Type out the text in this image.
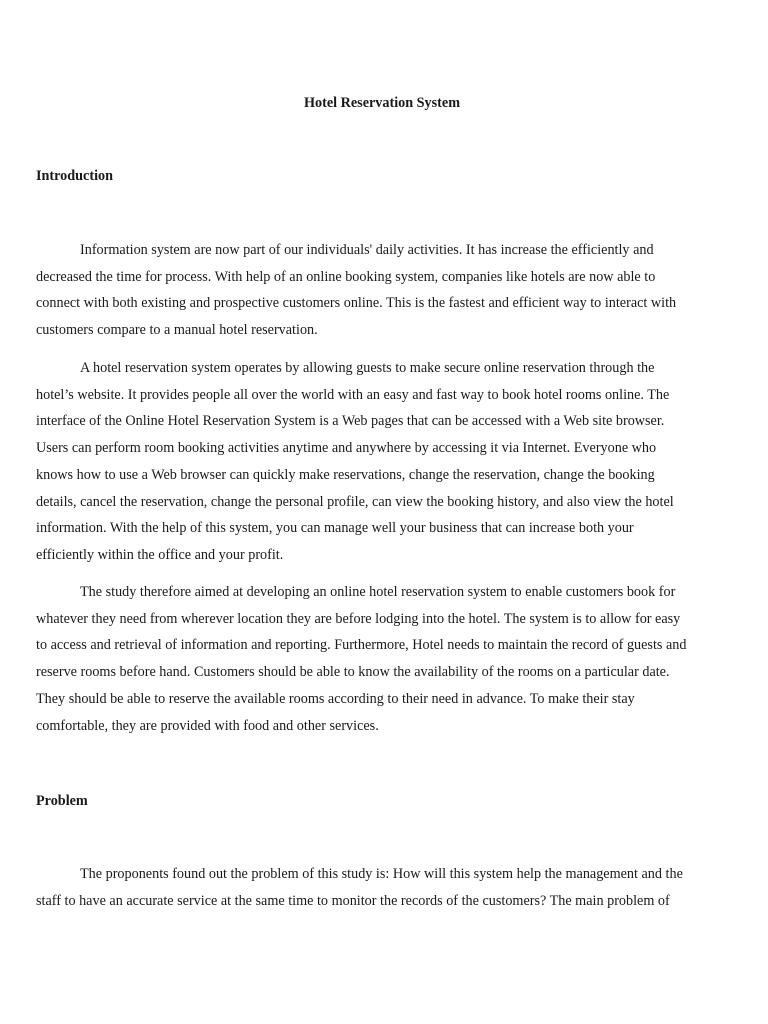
Hotel Reservation System
Introduction
Information system are now part of our individuals' daily activities. It has increase the efficiently and
decreased the time for process. With help of an online booking system, companies like hotels are now able to
connect with both existing and prospective customers online. This is the fastest and efficient way to interact with
customers compare to a manual hotel reservation.
A hotel reservation system operates by allowing guests to make secure online reservation through the
hotel’s website. It provides people all over the world with an easy and fast way to book hotel rooms online. The
interface of the Online Hotel Reservation System is a Web pages that can be accessed with a Web site browser.
Users can perform room booking activities anytime and anywhere by accessing it via Internet. Everyone who
knows how to use a Web browser can quickly make reservations, change the reservation, change the booking
details, cancel the reservation, change the personal profile, can view the booking history, and also view the hotel
information. With the help of this system, you can manage well your business that can increase both your
efficiently within the office and your profit.
The study therefore aimed at developing an online hotel reservation system to enable customers book for
whatever they need from wherever location they are before lodging into the hotel. The system is to allow for easy
to access and retrieval of information and reporting. Furthermore, Hotel needs to maintain the record of guests and
reserve rooms before hand. Customers should be able to know the availability of the rooms on a particular date.
They should be able to reserve the available rooms according to their need in advance. To make their stay
comfortable, they are provided with food and other services.
Problem
The proponents found out the problem of this study is: How will this system help the management and the
staff to have an accurate service at the same time to monitor the records of the customers? The main problem of
